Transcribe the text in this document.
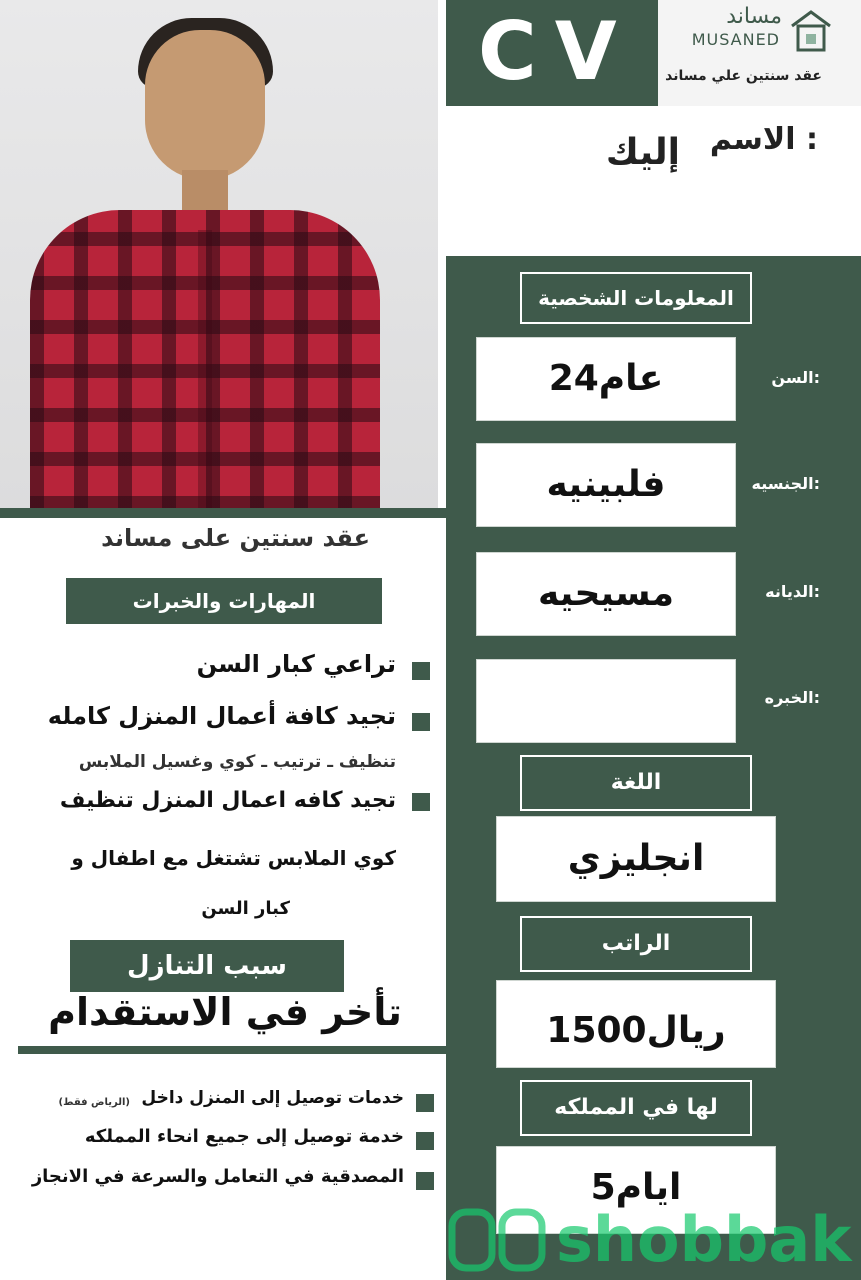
CV	مساند
MUSANED
عقد سنتين علي مساند
الاسم :
إليك
المعلومات الشخصية
24عام	السن:
فلبينيه	الجنسيه:
مسيحيه	الديانه:
الخبره:
اللغة
انجليزي
الراتب
1500ريال
لها في المملكه
5ايام
عقد سنتين على مساند
المهارات والخبرات
تراعي كبار السن
تجيد كافة أعمال المنزل كامله
تنظيف ـ ترتيب ـ كوي وغسيل الملابس
تجيد كافه اعمال المنزل تنظيف
كوي الملابس تشتغل مع اطفال و
كبار السن
سبب التنازل
تأخر في الاستقدام
خدمات توصيل إلى المنزل داخل
(الرياض فقط)
خدمة توصيل إلى جميع انحاء المملكه
المصدقية في التعامل والسرعة في الانجاز
shobbak
